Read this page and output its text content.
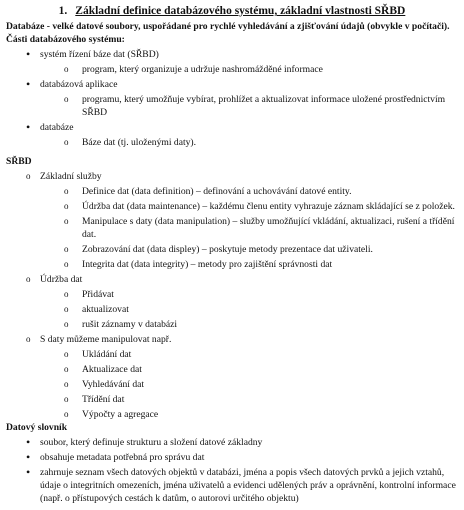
1. Základní definice databázového systému, základní vlastnosti SŘBD
Databáze - velké datové soubory, uspořádané pro rychlé vyhledávání a zjišťování údajů (obvykle v počítači).
Části databázového systému:
•
systém řízení báze dat (SŘBD)
o
program, který organizuje a udržuje nashromážděné informace
•
databázová aplikace
o
programu, který umožňuje vybírat, prohlížet a aktualizovat informace uložené prostřednictvím SŘBD
•
databáze
o
Báze dat (tj. uloženými daty).
SŘBD
o
Základní služby
o
Definice dat (data definition) – definování a uchovávání datové entity.
o
Údržba dat (data maintenance) – každému členu entity vyhrazuje záznam skládající se z položek.
o
Manipulace s daty (data manipulation) – služby umožňující vkládání, aktualizaci, rušení a třídění dat.
o
Zobrazování dat (data displey) – poskytuje metody prezentace dat uživateli.
o
Integrita dat (data integrity) – metody pro zajištění správnosti dat
o
Údržba dat
o
Přidávat
o
aktualizovat
o
rušit záznamy v databázi
o
S daty můžeme manipulovat např.
o
Ukládání dat
o
Aktualizace dat
o
Vyhledávání dat
o
Třídění dat
o
Výpočty a agregace
Datový slovník
•
soubor, který definuje strukturu a složení datové základny
•
obsahuje metadata potřebná pro správu dat
•
zahrnuje seznam všech datových objektů v databázi, jména a popis všech datových prvků a jejich vztahů, údaje o integritních omezeních, jména uživatelů a evidenci udělených práv a oprávnění, kontrolní informace (např. o přístupových cestách k datům, o autorovi určitého objektu)
